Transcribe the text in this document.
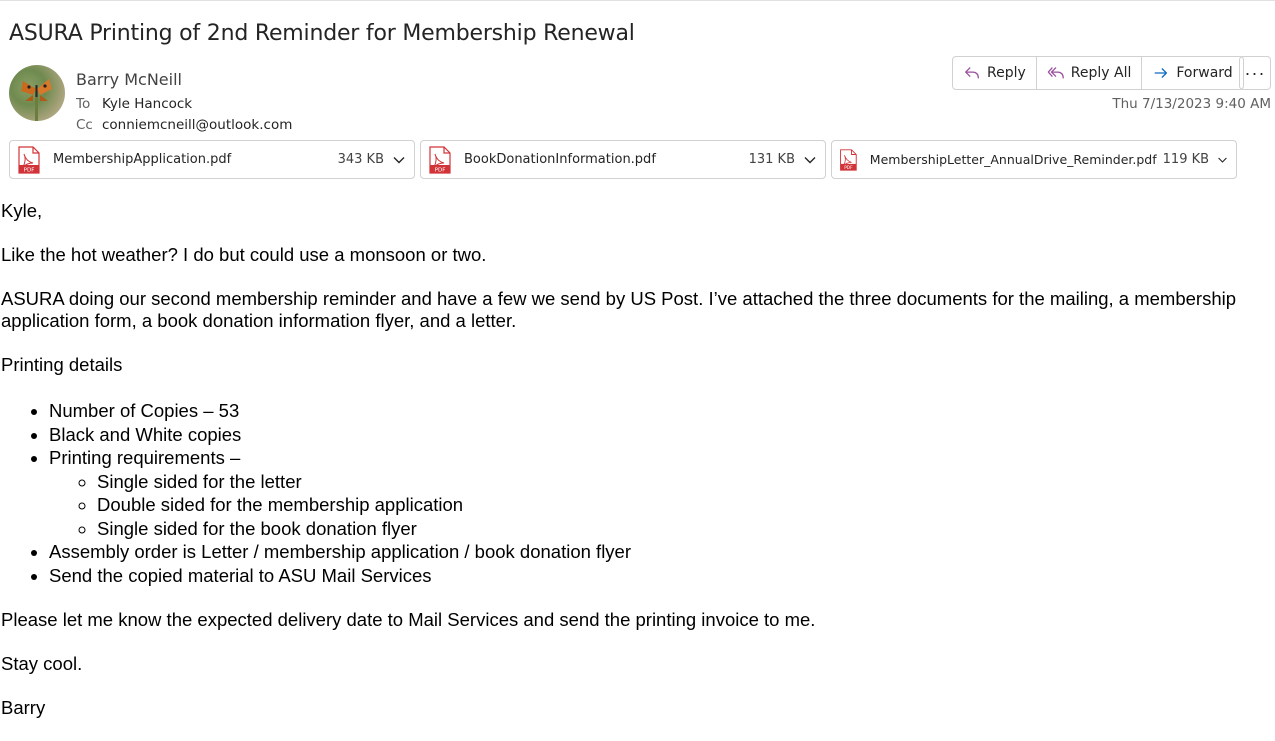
ASURA Printing of 2nd Reminder for Membership Renewal
Barry McNeill
To Kyle Hancock
Cc conniemcneill@outlook.com
Reply	Reply All	Forward ···
Thu 7/13/2023 9:40 AM
PDF
MembershipApplication.pdf	343 KB
PDF
BookDonationInformation.pdf	131 KB
PDF
MembershipLetter_AnnualDrive_Reminder.pdf 119 KB

Kyle,

Like the hot weather? I do but could use a monsoon or two.

ASURA doing our second membership reminder and have a few we send by US Post. I’ve attached the three documents for the mailing, a membership application form, a book donation information flyer, and a letter.

Printing details

• Number of Copies – 53
• Black and White copies
• Printing requirements –
◦ Single sided for the letter
◦ Double sided for the membership application
◦ Single sided for the book donation flyer
• Assembly order is Letter / membership application / book donation flyer
• Send the copied material to ASU Mail Services

Please let me know the expected delivery date to Mail Services and send the printing invoice to me.

Stay cool.

Barry
